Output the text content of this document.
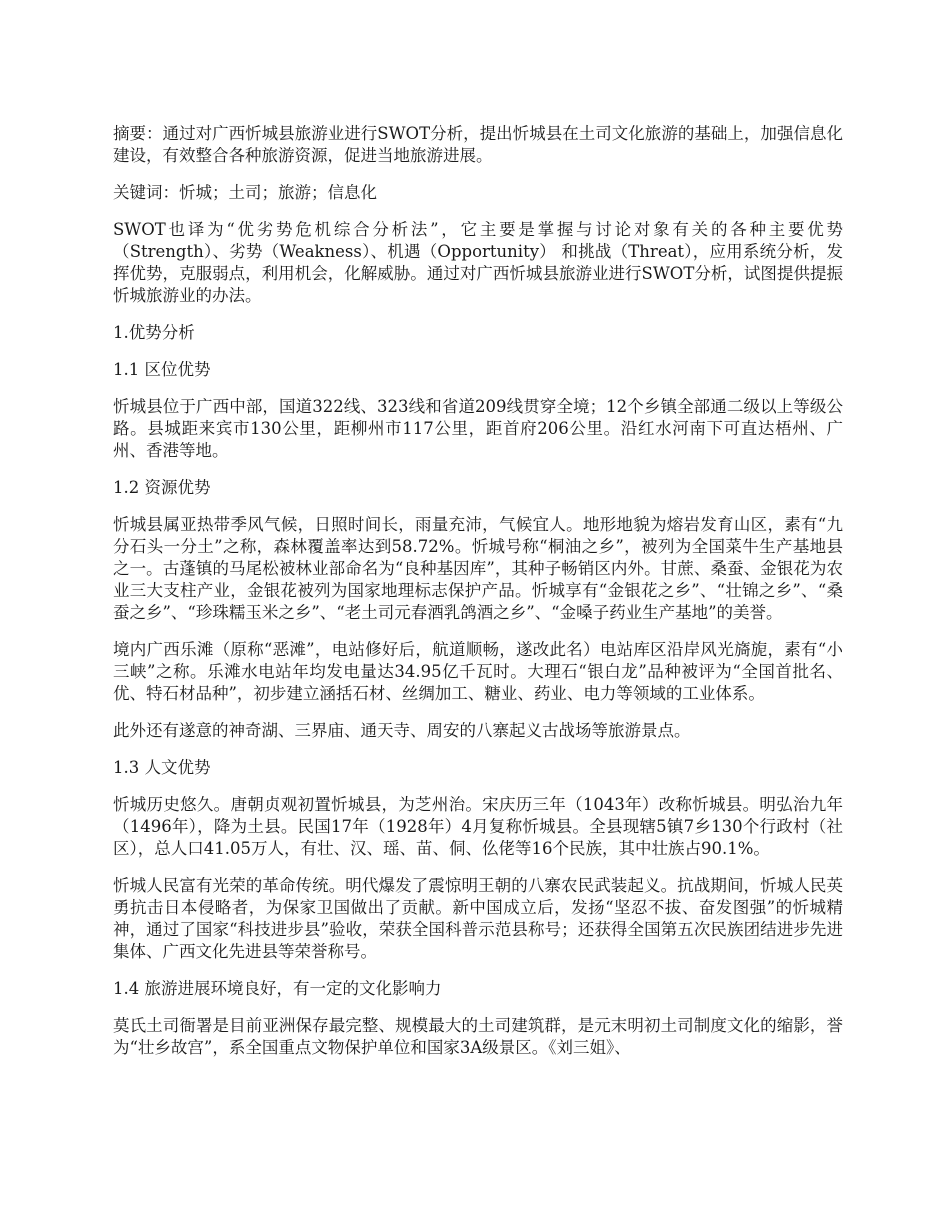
摘要：通过对广西忻城县旅游业进行SWOT分析，提出忻城县在土司文化旅游的基础上，加强信息化建设，有效整合各种旅游资源，促进当地旅游进展。

关键词：忻城；土司；旅游；信息化

SWOT也译为“优劣势危机综合分析法”，它主要是掌握与讨论对象有关的各种主要优势（Strength）、劣势（Weakness）、机遇（Opportunity） 和挑战（Threat），应用系统分析，发挥优势，克服弱点，利用机会，化解威胁。通过对广西忻城县旅游业进行SWOT分析，试图提供提振忻城旅游业的办法。

1.优势分析

1.1 区位优势

忻城县位于广西中部，国道322线、323线和省道209线贯穿全境；12个乡镇全部通二级以上等级公路。县城距来宾市130公里，距柳州市117公里，距首府206公里。沿红水河南下可直达梧州、广州、香港等地。

1.2 资源优势

忻城县属亚热带季风气候，日照时间长，雨量充沛，气候宜人。地形地貌为熔岩发育山区，素有“九分石头一分土”之称，森林覆盖率达到58.72%。忻城号称“桐油之乡”，被列为全国菜牛生产基地县之一。古蓬镇的马尾松被林业部命名为“良种基因库”，其种子畅销区内外。甘蔗、桑蚕、金银花为农业三大支柱产业，金银花被列为国家地理标志保护产品。忻城享有“金银花之乡”、“壮锦之乡”、“桑蚕之乡”、“珍珠糯玉米之乡”、“老土司元春酒乳鸽酒之乡”、“金嗓子药业生产基地”的美誉。

境内广西乐滩（原称“恶滩”，电站修好后，航道顺畅，遂改此名）电站库区沿岸风光旖旎，素有“小三峡”之称。乐滩水电站年均发电量达34.95亿千瓦时。大理石“银白龙”品种被评为“全国首批名、优、特石材品种”，初步建立涵括石材、丝绸加工、糖业、药业、电力等领域的工业体系。

此外还有遂意的神奇湖、三界庙、通天寺、周安的八寨起义古战场等旅游景点。

1.3 人文优势

忻城历史悠久。唐朝贞观初置忻城县，为芝州治。宋庆历三年（1043年）改称忻城县。明弘治九年（1496年），降为土县。民国17年（1928年）4月复称忻城县。全县现辖5镇7乡130个行政村（社区），总人口41.05万人，有壮、汉、瑶、苗、侗、仫佬等16个民族，其中壮族占90.1%。

忻城人民富有光荣的革命传统。明代爆发了震惊明王朝的八寨农民武装起义。抗战期间，忻城人民英勇抗击日本侵略者，为保家卫国做出了贡献。新中国成立后，发扬“坚忍不拔、奋发图强”的忻城精神，通过了国家“科技进步县”验收，荣获全国科普示范县称号；还获得全国第五次民族团结进步先进集体、广西文化先进县等荣誉称号。

1.4 旅游进展环境良好，有一定的文化影响力

莫氏土司衙署是目前亚洲保存最完整、规模最大的土司建筑群，是元末明初土司制度文化的缩影，誉为“壮乡故宫”，系全国重点文物保护单位和国家3A级景区。《刘三姐》、
